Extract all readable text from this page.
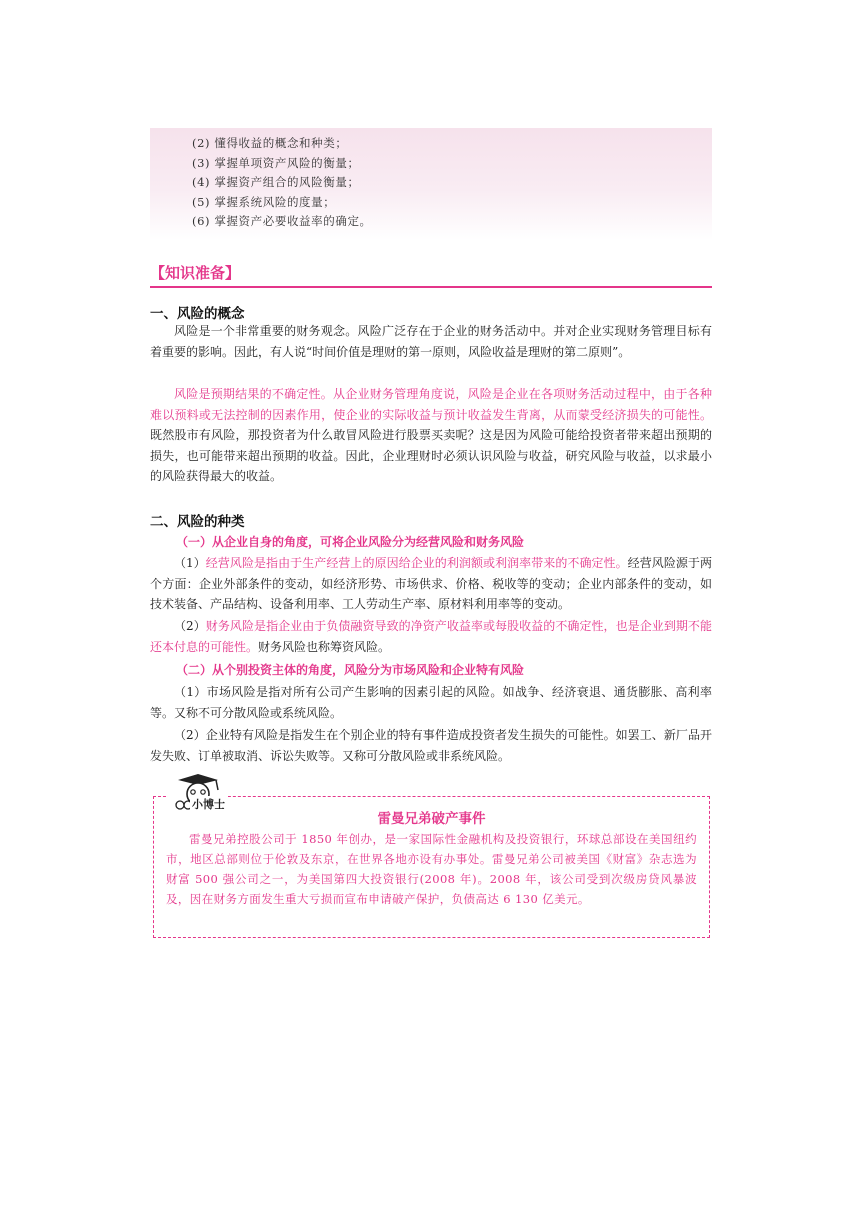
(2) 懂得收益的概念和种类；
(3) 掌握单项资产风险的衡量；
(4) 掌握资产组合的风险衡量；
(5) 掌握系统风险的度量；
(6) 掌握资产必要收益率的确定。
【知识准备】
一、风险的概念

风险是一个非常重要的财务观念。风险广泛存在于企业的财务活动中。并对企业实现财务管理目标有着重要的影响。因此，有人说“时间价值是理财的第一原则，风险收益是理财的第二原则”。

风险是预期结果的不确定性。从企业财务管理角度说，风险是企业在各项财务活动过程中，由于各种难以预料或无法控制的因素作用，使企业的实际收益与预计收益发生背离，从而蒙受经济损失的可能性。既然股市有风险，那投资者为什么敢冒风险进行股票买卖呢？这是因为风险可能给投资者带来超出预期的损失，也可能带来超出预期的收益。因此，企业理财时必须认识风险与收益，研究风险与收益，以求最小的风险获得最大的收益。

二、风险的种类
（一）从企业自身的角度，可将企业风险分为经营风险和财务风险

（1）经营风险是指由于生产经营上的原因给企业的利润额或利润率带来的不确定性。经营风险源于两个方面：企业外部条件的变动，如经济形势、市场供求、价格、税收等的变动；企业内部条件的变动，如技术装备、产品结构、设备利用率、工人劳动生产率、原材料利用率等的变动。

（2）财务风险是指企业由于负债融资导致的净资产收益率或每股收益的不确定性，也是企业到期不能还本付息的可能性。财务风险也称筹资风险。

（二）从个别投资主体的角度，风险分为市场风险和企业特有风险

（1）市场风险是指对所有公司产生影响的因素引起的风险。如战争、经济衰退、通货膨胀、高利率等。又称不可分散风险或系统风险。

（2）企业特有风险是指发生在个别企业的特有事件造成投资者发生损失的可能性。如罢工、新厂品开发失败、订单被取消、诉讼失败等。又称可分散风险或非系统风险。

雷曼兄弟破产事件

雷曼兄弟控股公司于 1850 年创办，是一家国际性金融机构及投资银行，环球总部设在美国纽约市，地区总部则位于伦敦及东京，在世界各地亦设有办事处。雷曼兄弟公司被美国《财富》杂志选为财富 500 强公司之一，为美国第四大投资银行(2008 年)。2008 年，该公司受到次级房贷风暴波及，因在财务方面发生重大亏损而宣布申请破产保护，负债高达 6 130 亿美元。

小博士
